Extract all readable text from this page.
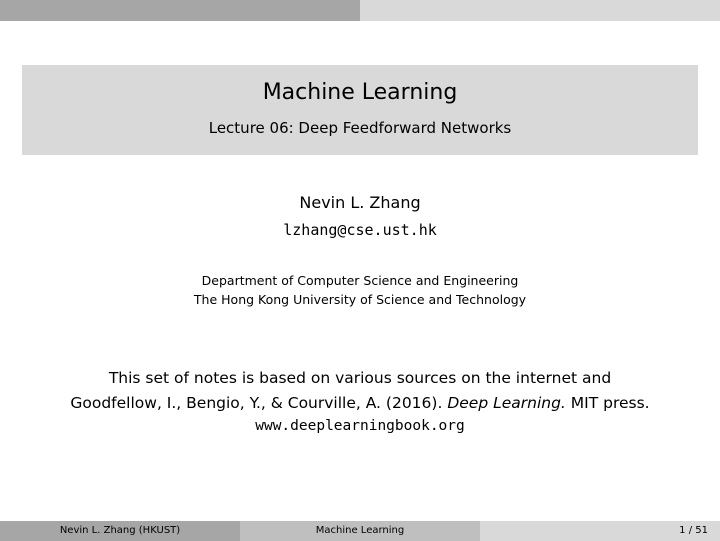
Machine Learning
Lecture 06: Deep Feedforward Networks
Nevin L. Zhang
lzhang@cse.ust.hk
Department of Computer Science and Engineering
The Hong Kong University of Science and Technology
This set of notes is based on various sources on the internet and
Goodfellow, I., Bengio, Y., & Courville, A. (2016). Deep Learning. MIT press.
www.deeplearningbook.org
Nevin L. Zhang (HKUST)	Machine Learning	1 / 51
